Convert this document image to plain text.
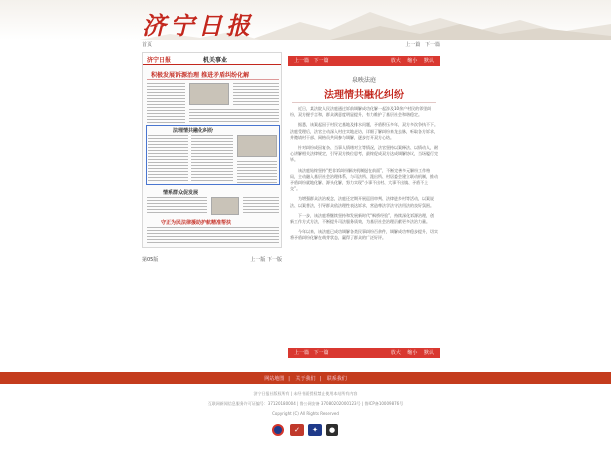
济宁日报
首页	上一篇 下一篇
济宁日报	机关事业
积极发展诉源治理 推进矛盾纠纷化解
法理情共融化纠纷
情系群众促发展
守正为民法律援助护航精准帮扶
第05版	上一版 下一版
上一篇 下一篇	放大 缩小 默认
泉映法庭
法理情共融化纠纷

近日，某法院人民法庭通过诉前调解成功化解一起涉及10余户村民的邻里纠纷，双方握手言和，群众满意度明显提升，有力维护了基层社会和谐稳定。

据悉，该案起因于村民宅基地及排水问题，矛盾积压多年，双方多次争执不下。法庭受理后，法官主动深入村庄实地走访，详细了解纠纷来龙去脉，听取各方诉求，并邀请村干部、网格员共同参与调解，逐步打开双方心结。

针对纠纷成因复杂、当事人情绪对立等情况，法官坚持以案释法、以情动人，耐心讲解相关法律规定，引导双方换位思考，最终促成双方达成调解协议，当场履行完毕。

该法庭始终坚持“把非诉纠纷解决机制挺在前面”，不断完善多元解纷工作格局，主动融入基层社会治理体系，与司法所、派出所、村居委会建立联动机制，推动矛盾纠纷就地化解、源头化解，努力实现“小事不出村、大事不出镇、矛盾不上交”。

为增强群众法治观念，法庭还定期开展巡回审判、法律进乡村等活动，以案说法、以案普法，引导群众依法理性表达诉求，营造尊法学法守法用法的良好氛围。

下一步，该法庭将继续坚持和发展新时代“枫桥经验”，持续深化诉源治理，创新工作方式方法，不断提升司法服务质效，为基层社会治理贡献更多法治力量。

今年以来，该法庭已成功调解各类民事纠纷百余件，调解成功率稳步提升，切实将矛盾纠纷化解在萌芽状态，赢得了群众的广泛好评。

上一篇 下一篇	放大 缩小 默认
网站地图 | 关于我们 | 联系我们
济宁日报社版权所有 | 未经书面授权禁止使用本站所有内容
互联网新闻信息服务许可证编号：37120180004 | 鲁公网安备 37080202000123号 | 鲁ICP备10009876号
Copyright (C) All Rights Reserved
✓	✦	●
